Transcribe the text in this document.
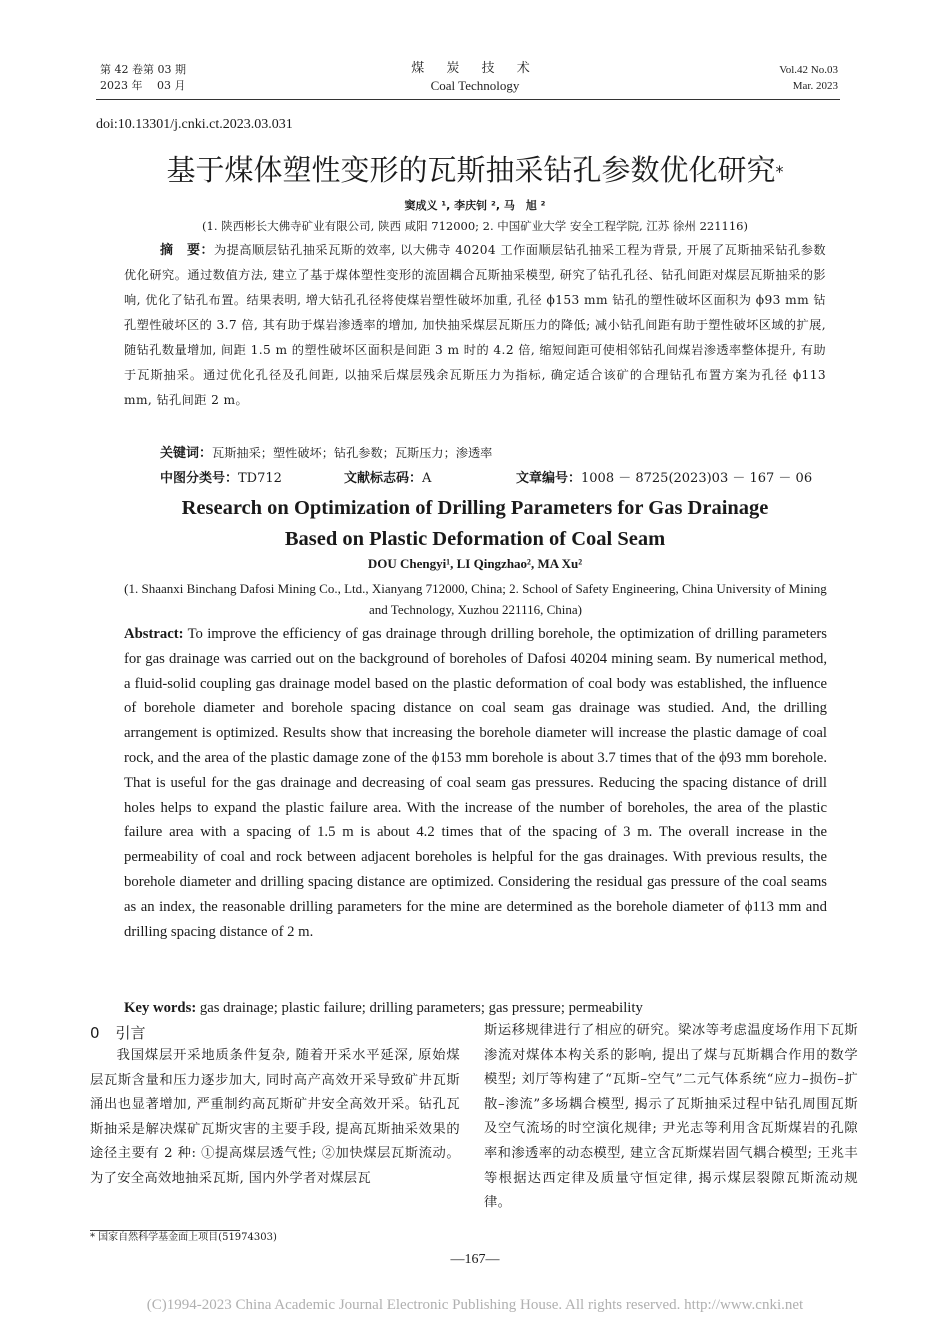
第 42 卷第 03 期
2023 年　 03 月
煤 炭 技 术
Coal Technology
Vol.42 No.03
Mar. 2023
doi:10.13301/j.cnki.ct.2023.03.031
基于煤体塑性变形的瓦斯抽采钻孔参数优化研究*
窦成义 ¹, 李庆钊 ², 马　旭 ²
(1. 陕西彬长大佛寺矿业有限公司, 陕西 咸阳 712000; 2. 中国矿业大学 安全工程学院, 江苏 徐州 221116)
摘　要：为提高顺层钻孔抽采瓦斯的效率, 以大佛寺 40204 工作面顺层钻孔抽采工程为背景, 开展了瓦斯抽采钻孔参数优化研究。通过数值方法, 建立了基于煤体塑性变形的流固耦合瓦斯抽采模型, 研究了钻孔孔径、钻孔间距对煤层瓦斯抽采的影响, 优化了钻孔布置。结果表明, 增大钻孔孔径将使煤岩塑性破坏加重, 孔径 ϕ153 mm 钻孔的塑性破坏区面积为 ϕ93 mm 钻孔塑性破坏区的 3.7 倍, 其有助于煤岩渗透率的增加, 加快抽采煤层瓦斯压力的降低; 减小钻孔间距有助于塑性破坏区域的扩展, 随钻孔数量增加, 间距 1.5 m 的塑性破坏区面积是间距 3 m 时的 4.2 倍, 缩短间距可使相邻钻孔间煤岩渗透率整体提升, 有助于瓦斯抽采。通过优化孔径及孔间距, 以抽采后煤层残余瓦斯压力为指标, 确定适合该矿的合理钻孔布置方案为孔径 ϕ113 mm, 钻孔间距 2 m。
关键词：瓦斯抽采；塑性破坏；钻孔参数；瓦斯压力；渗透率
中图分类号：TD712	文献标志码：A	文章编号：1008 － 8725(2023)03 － 167 － 06
Research on Optimization of Drilling Parameters for Gas Drainage
Based on Plastic Deformation of Coal Seam
DOU Chengyi¹, LI Qingzhao², MA Xu²
(1. Shaanxi Binchang Dafosi Mining Co., Ltd., Xianyang 712000, China; 2. School of Safety Engineering, China University of Mining and Technology, Xuzhou 221116, China)
Abstract: To improve the efficiency of gas drainage through drilling borehole, the optimization of drilling parameters for gas drainage was carried out on the background of boreholes of Dafosi 40204 mining seam. By numerical method, a fluid-solid coupling gas drainage model based on the plastic deformation of coal body was established, the influence of borehole diameter and borehole spacing distance on coal seam gas drainage was studied. And, the drilling arrangement is optimized. Results show that increasing the borehole diameter will increase the plastic damage of coal rock, and the area of the plastic damage zone of the ϕ153 mm borehole is about 3.7 times that of the ϕ93 mm borehole. That is useful for the gas drainage and decreasing of coal seam gas pressures. Reducing the spacing distance of drill holes helps to expand the plastic failure area. With the increase of the number of boreholes, the area of the plastic failure area with a spacing of 1.5 m is about 4.2 times that of the spacing of 3 m. The overall increase in the permeability of coal and rock between adjacent boreholes is helpful for the gas drainages. With previous results, the borehole diameter and drilling spacing distance are optimized. Considering the residual gas pressure of the coal seams as an index, the reasonable drilling parameters for the mine are determined as the borehole diameter of ϕ113 mm and drilling spacing distance of 2 m.
Key words: gas drainage; plastic failure; drilling parameters; gas pressure; permeability
0 引言

我国煤层开采地质条件复杂, 随着开采水平延深, 原始煤层瓦斯含量和压力逐步加大, 同时高产高效开采导致矿井瓦斯涌出也显著增加, 严重制约高瓦斯矿井安全高效开采。钻孔瓦斯抽采是解决煤矿瓦斯灾害的主要手段, 提高瓦斯抽采效果的途径主要有 2 种: ①提高煤层透气性; ②加快煤层瓦斯流动。为了安全高效地抽采瓦斯, 国内外学者对煤层瓦

斯运移规律进行了相应的研究。梁冰等考虑温度场作用下瓦斯渗流对煤体本构关系的影响, 提出了煤与瓦斯耦合作用的数学模型; 刘厅等构建了“瓦斯–空气”二元气体系统“应力–损伤–扩散–渗流”多场耦合模型, 揭示了瓦斯抽采过程中钻孔周围瓦斯及空气流场的时空演化规律; 尹光志等利用含瓦斯煤岩的孔隙率和渗透率的动态模型, 建立含瓦斯煤岩固气耦合模型; 王兆丰等根据达西定律及质量守恒定律, 揭示煤层裂隙瓦斯流动规律。

* 国家自然科学基金面上项目(51974303)
—167—
(C)1994-2023 China Academic Journal Electronic Publishing House. All rights reserved. http://www.cnki.net
